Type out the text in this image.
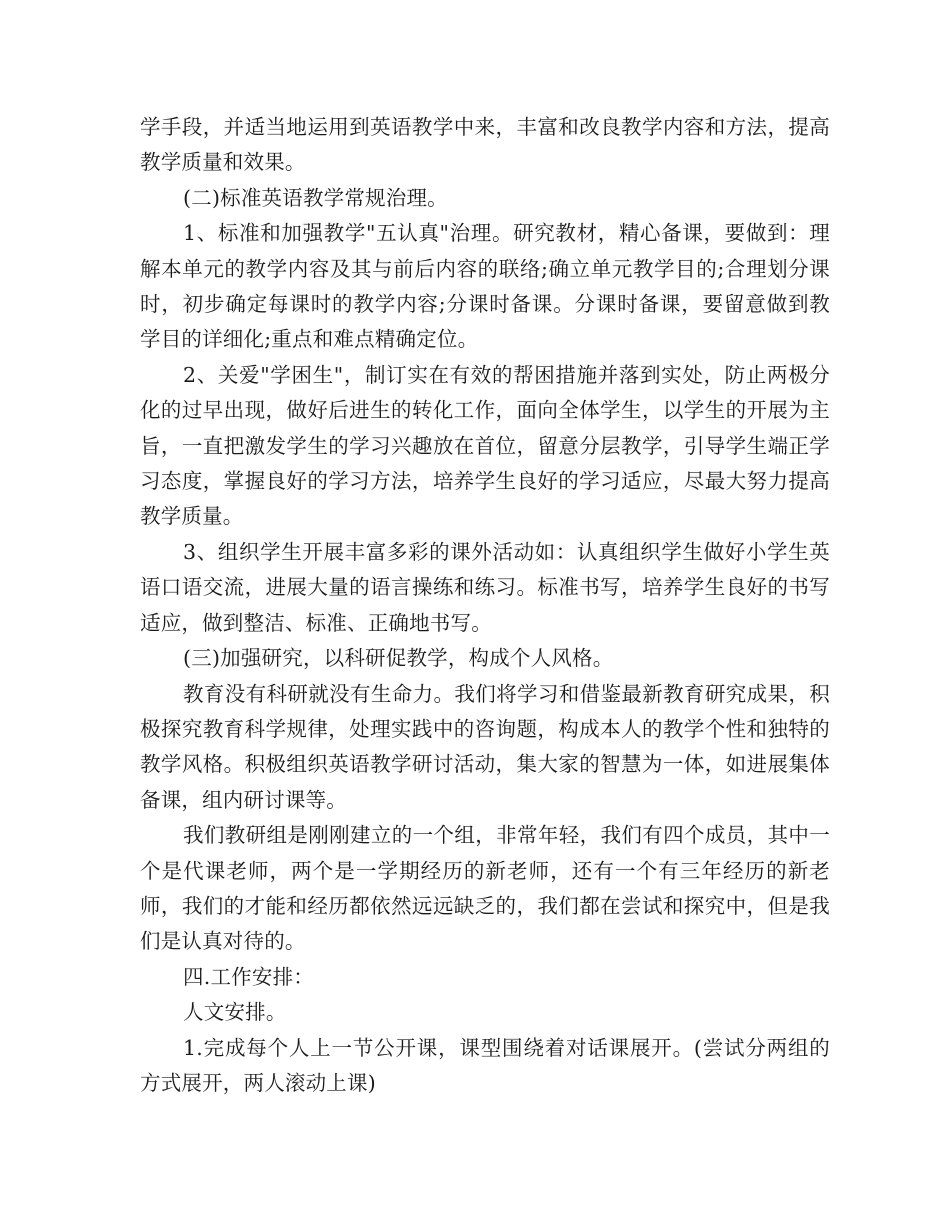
学手段，并适当地运用到英语教学中来，丰富和改良教学内容和方法，提高教学质量和效果。

(二)标准英语教学常规治理。

1、标准和加强教学"五认真"治理。研究教材，精心备课，要做到：理解本单元的教学内容及其与前后内容的联络;确立单元教学目的;合理划分课时，初步确定每课时的教学内容;分课时备课。分课时备课，要留意做到教学目的详细化;重点和难点精确定位。

2、关爱"学困生"，制订实在有效的帮困措施并落到实处，防止两极分化的过早出现，做好后进生的转化工作，面向全体学生，以学生的开展为主旨，一直把激发学生的学习兴趣放在首位，留意分层教学，引导学生端正学习态度，掌握良好的学习方法，培养学生良好的学习适应，尽最大努力提高教学质量。

3、组织学生开展丰富多彩的课外活动如：认真组织学生做好小学生英语口语交流，进展大量的语言操练和练习。标准书写，培养学生良好的书写适应，做到整洁、标准、正确地书写。

(三)加强研究，以科研促教学，构成个人风格。

教育没有科研就没有生命力。我们将学习和借鉴最新教育研究成果，积极探究教育科学规律，处理实践中的咨询题，构成本人的教学个性和独特的教学风格。积极组织英语教学研讨活动，集大家的智慧为一体，如进展集体备课，组内研讨课等。

我们教研组是刚刚建立的一个组，非常年轻，我们有四个成员，其中一个是代课老师，两个是一学期经历的新老师，还有一个有三年经历的新老师，我们的才能和经历都依然远远缺乏的，我们都在尝试和探究中，但是我们是认真对待的。

四.工作安排：

人文安排。

1.完成每个人上一节公开课，课型围绕着对话课展开。(尝试分两组的方式展开，两人滚动上课)
